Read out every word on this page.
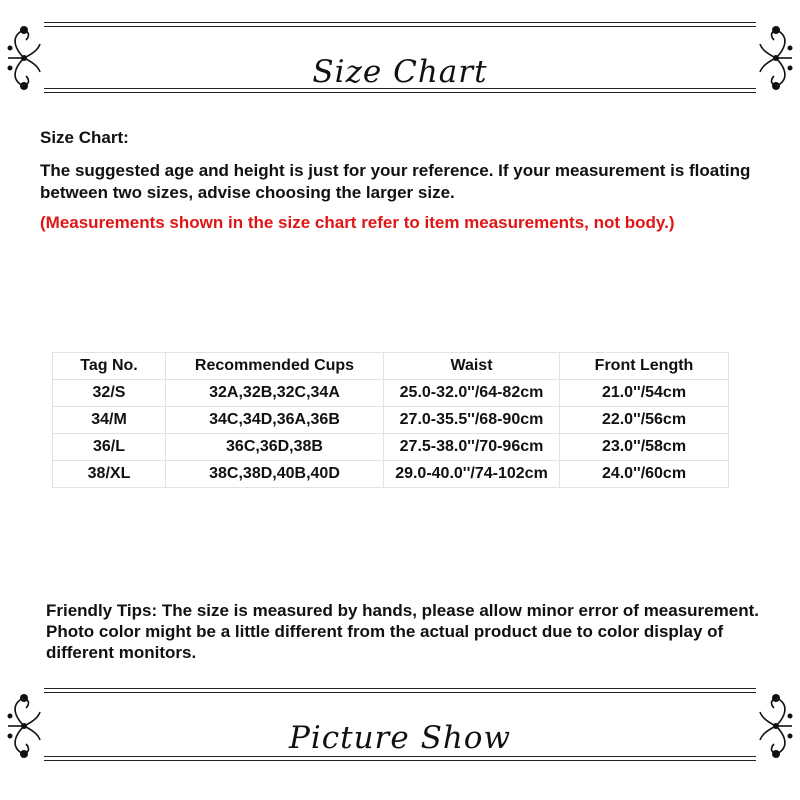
Size Chart
Size Chart:
The suggested age and height is just for your reference. If your measurement is floating between two sizes, advise choosing the larger size.
(Measurements shown in the size chart refer to item measurements, not body.)
Tag No.	Recommended Cups	Waist	Front Length
32/S	32A,32B,32C,34A	25.0-32.0''/64-82cm	21.0''/54cm
34/M	34C,34D,36A,36B	27.0-35.5''/68-90cm	22.0''/56cm
36/L	36C,36D,38B	27.5-38.0''/70-96cm	23.0''/58cm
38/XL	38C,38D,40B,40D	29.0-40.0''/74-102cm	24.0''/60cm
Friendly Tips: The size is measured by hands, please allow minor error of measurement. Photo color might be a little different from the actual product due to color display of different monitors.
Picture Show
